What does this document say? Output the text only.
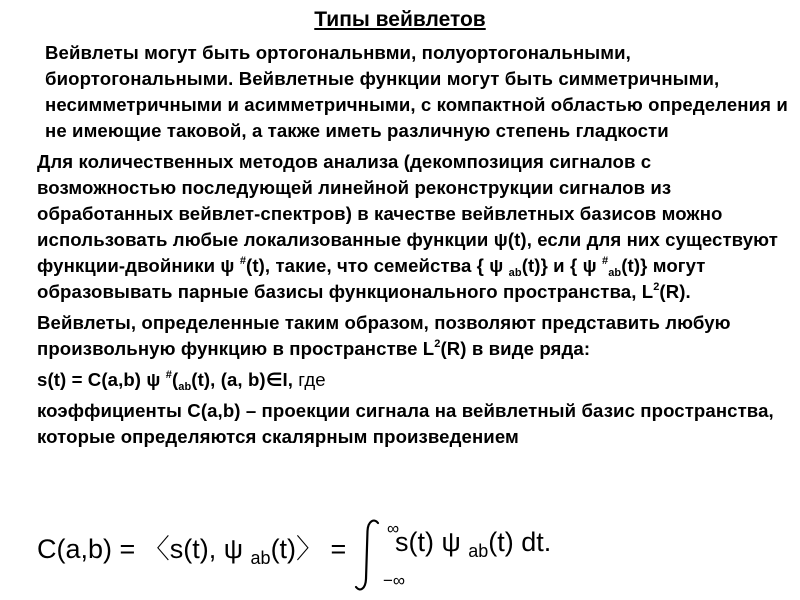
Типы вейвлетов

Вейвлеты могут быть ортогональнвми, полуортогональными, биортогональными. Вейвлетные функции могут быть симметричными, несимметричными и асимметричными, с компактной областью определения и не имеющие таковой, а также иметь различную степень гладкости

Для количественных методов анализа (декомпозиция сигналов с возможностью последующей линейной реконструкции сигналов из обработанных вейвлет-спектров) в качестве вейвлетных базисов можно использовать любые локализованные функции ψ(t), если для них существуют функции-двойники ψ #(t), такие, что семейства { ψ $_{ab}$(t)} и { ψ #$_{ab}$(t)} могут образовывать парные базисы функционального пространства, $L^2(R)$.

Вейвлеты, определенные таким образом, позволяют представить любую произвольную функцию в пространстве $L^2(R)$ в виде ряда:

s(t) = C(a,b) ψ $^{\#}(_{ab}(t)$, (a, b)∈I, где

коэффициенты C(a,b) – проекции сигнала на вейвлетный базис пространства, которые определяются скалярным произведением

C(a,b) = 〈s(t), ψ $_{ab}$(t)〉 =
∞
−∞
s(t) ψ $_{ab}$(t) dt.
